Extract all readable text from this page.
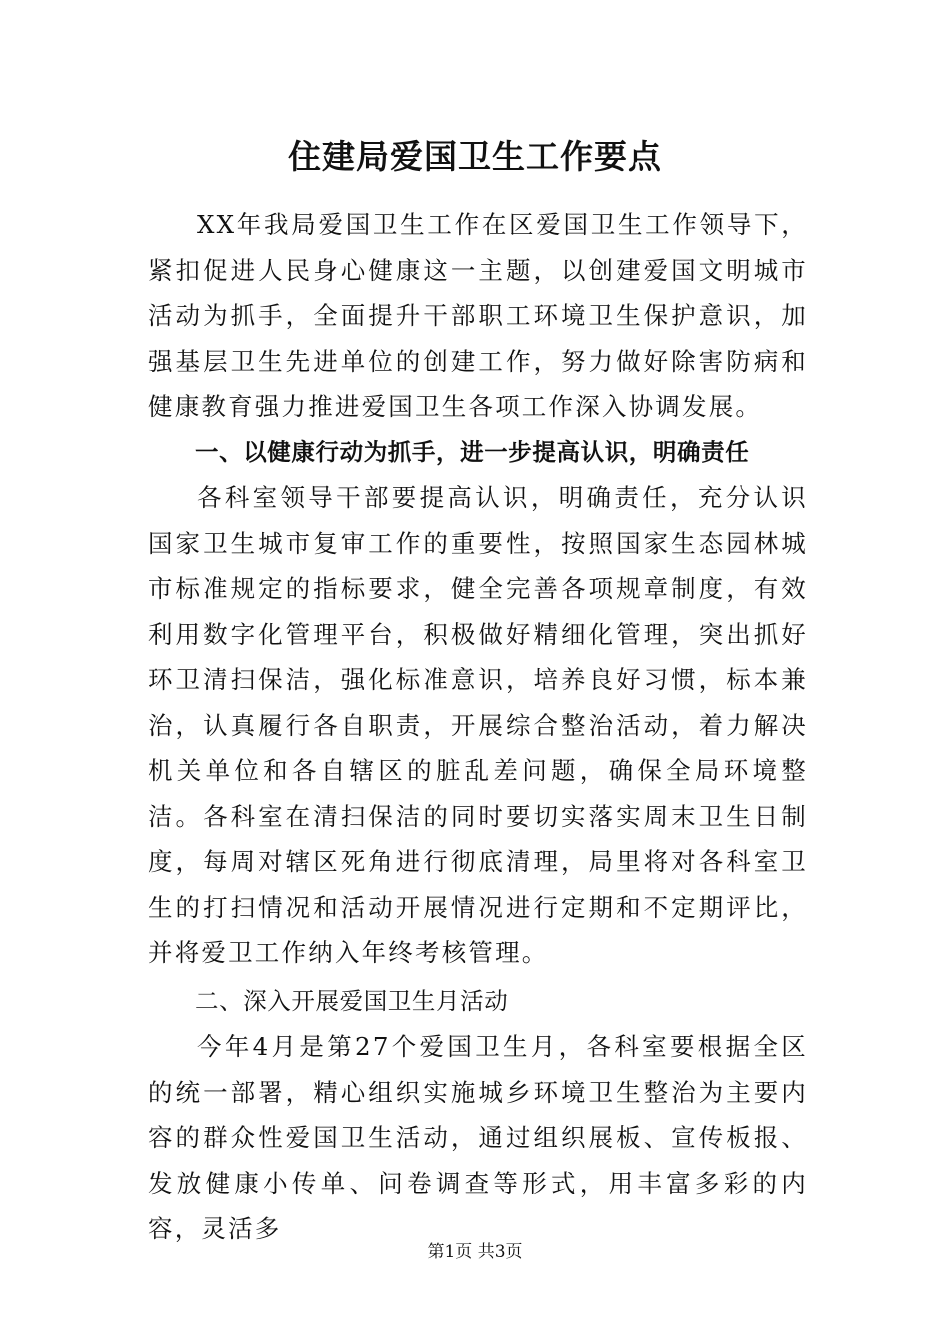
住建局爱国卫生工作要点

XX年我局爱国卫生工作在区爱国卫生工作领导下，紧扣促进人民身心健康这一主题，以创建爱国文明城市活动为抓手，全面提升干部职工环境卫生保护意识，加强基层卫生先进单位的创建工作，努力做好除害防病和健康教育强力推进爱国卫生各项工作深入协调发展。

一、以健康行动为抓手，进一步提高认识，明确责任

各科室领导干部要提高认识，明确责任，充分认识国家卫生城市复审工作的重要性，按照国家生态园林城市标准规定的指标要求，健全完善各项规章制度，有效利用数字化管理平台，积极做好精细化管理，突出抓好环卫清扫保洁，强化标准意识，培养良好习惯，标本兼治，认真履行各自职责，开展综合整治活动，着力解决机关单位和各自辖区的脏乱差问题，确保全局环境整洁。各科室在清扫保洁的同时要切实落实周末卫生日制度，每周对辖区死角进行彻底清理，局里将对各科室卫生的打扫情况和活动开展情况进行定期和不定期评比，并将爱卫工作纳入年终考核管理。

二、深入开展爱国卫生月活动

今年4月是第27个爱国卫生月，各科室要根据全区的统一部署，精心组织实施城乡环境卫生整治为主要内容的群众性爱国卫生活动，通过组织展板、宣传板报、发放健康小传单、问卷调查等形式，用丰富多彩的内容，灵活多

第1页 共3页
